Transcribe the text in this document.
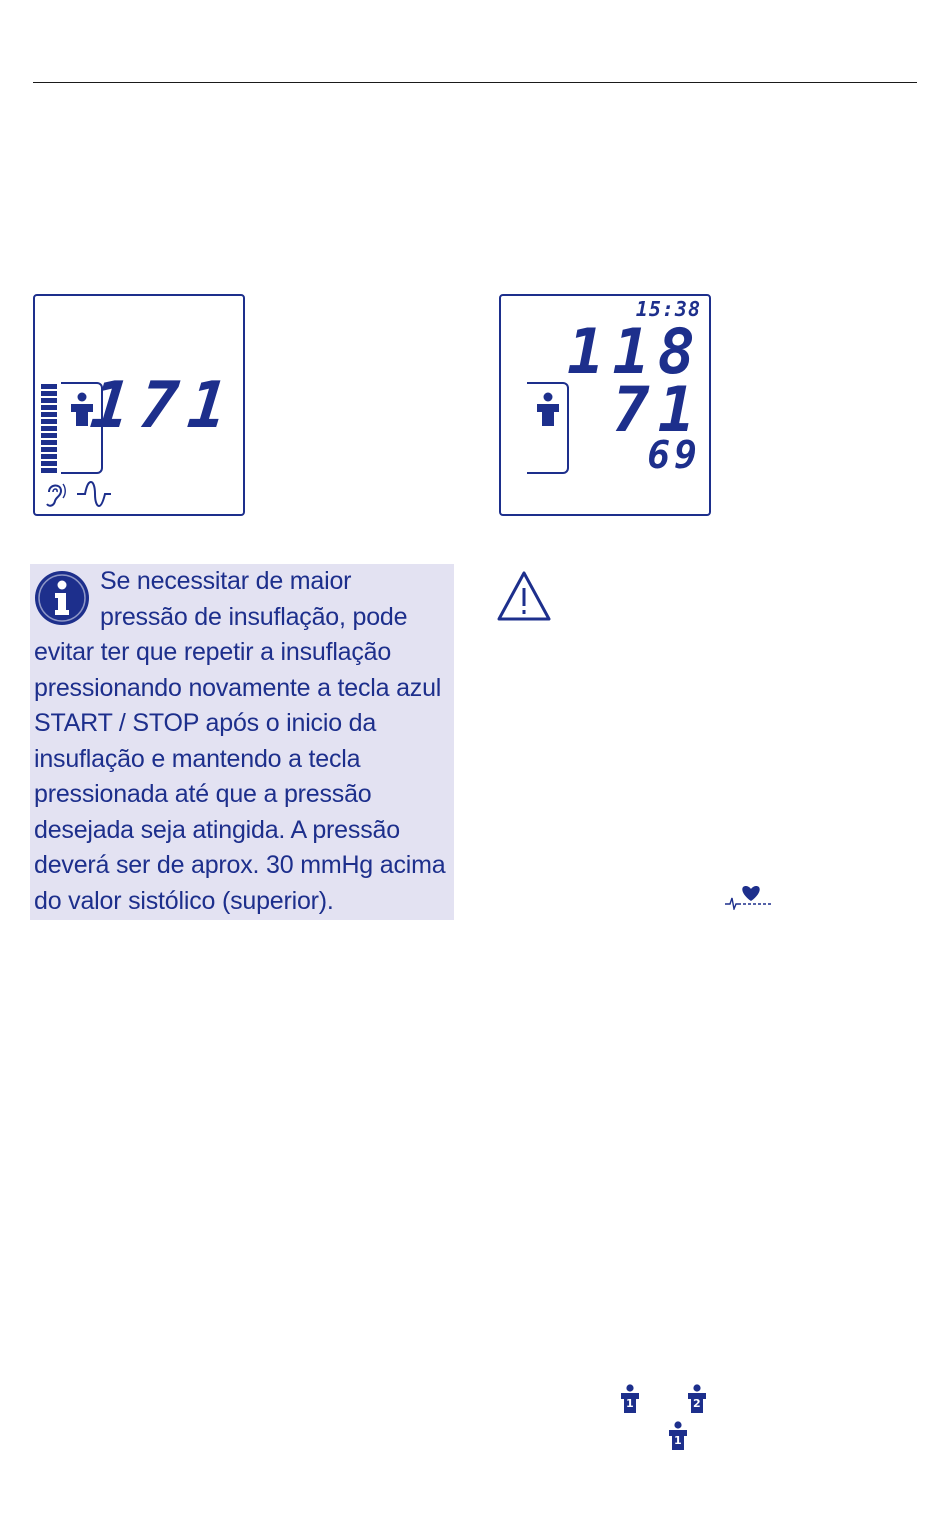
171
15:38
118
71
69
Se necessitar de maior
pressão de insuflação, pode
evitar ter que repetir a insuflação pressionando novamente a tecla azul START / STOP após o inicio da insuflação e mantendo a tecla pressionada até que a pressão desejada seja atingida. A pressão deverá ser de aprox. 30 mmHg acima do valor sistólico (superior).
1	2
1
